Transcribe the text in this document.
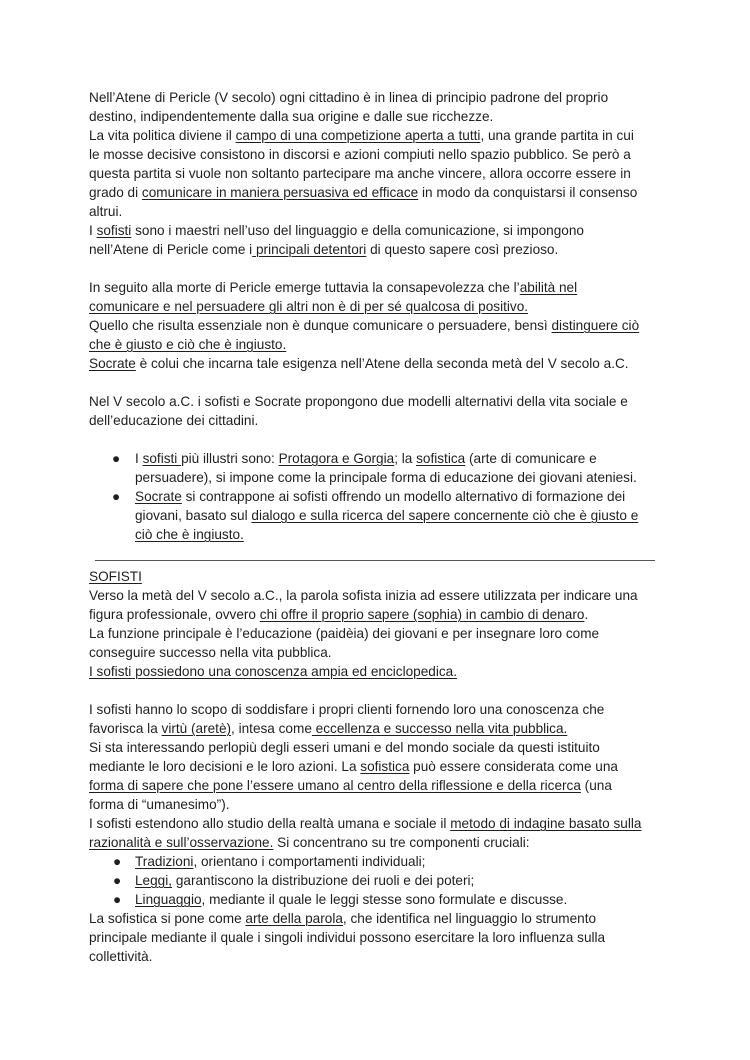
Nell’Atene di Pericle (V secolo) ogni cittadino è in linea di principio padrone del proprio

destino, indipendentemente dalla sua origine e dalle sue ricchezze.

La vita politica diviene il campo di una competizione aperta a tutti, una grande partita in cui

le mosse decisive consistono in discorsi e azioni compiuti nello spazio pubblico. Se però a

questa partita si vuole non soltanto partecipare ma anche vincere, allora occorre essere in

grado di comunicare in maniera persuasiva ed efficace in modo da conquistarsi il consenso

altrui.

I sofisti sono i maestri nell’uso del linguaggio e della comunicazione, si impongono

nell’Atene di Pericle come i principali detentori di questo sapere così prezioso.

In seguito alla morte di Pericle emerge tuttavia la consapevolezza che l’abilità nel

comunicare e nel persuadere gli altri non è di per sé qualcosa di positivo.

Quello che risulta essenziale non è dunque comunicare o persuadere, bensì distinguere ciò

che è giusto e ciò che è ingiusto.

Socrate è colui che incarna tale esigenza nell’Atene della seconda metà del V secolo a.C.

Nel V secolo a.C. i sofisti e Socrate propongono due modelli alternativi della vita sociale e

dell’educazione dei cittadini.

● I sofisti più illustri sono: Protagora e Gorgia; la sofistica (arte di comunicare e
persuadere), si impone come la principale forma di educazione dei giovani ateniesi.
● Socrate si contrappone ai sofisti offrendo un modello alternativo di formazione dei
giovani, basato sul dialogo e sulla ricerca del sapere concernente ciò che è giusto e
ciò che è ingiusto.

SOFISTI

Verso la metà del V secolo a.C., la parola sofista inizia ad essere utilizzata per indicare una

figura professionale, ovvero chi offre il proprio sapere (sophia) in cambio di denaro.

La funzione principale è l’educazione (paidèia) dei giovani e per insegnare loro come

conseguire successo nella vita pubblica.

I sofisti possiedono una conoscenza ampia ed enciclopedica.

I sofisti hanno lo scopo di soddisfare i propri clienti fornendo loro una conoscenza che

favorisca la virtù (aretè), intesa come eccellenza e successo nella vita pubblica.

Si sta interessando perlopiù degli esseri umani e del mondo sociale da questi istituito

mediante le loro decisioni e le loro azioni. La sofistica può essere considerata come una

forma di sapere che pone l’essere umano al centro della riflessione e della ricerca (una

forma di “umanesimo”).

I sofisti estendono allo studio della realtà umana e sociale il metodo di indagine basato sulla

razionalità e sull’osservazione. Si concentrano su tre componenti cruciali:

● Tradizioni, orientano i comportamenti individuali;
● Leggi, garantiscono la distribuzione dei ruoli e dei poteri;
● Linguaggio, mediante il quale le leggi stesse sono formulate e discusse.

La sofistica si pone come arte della parola, che identifica nel linguaggio lo strumento

principale mediante il quale i singoli individui possono esercitare la loro influenza sulla

collettività.
